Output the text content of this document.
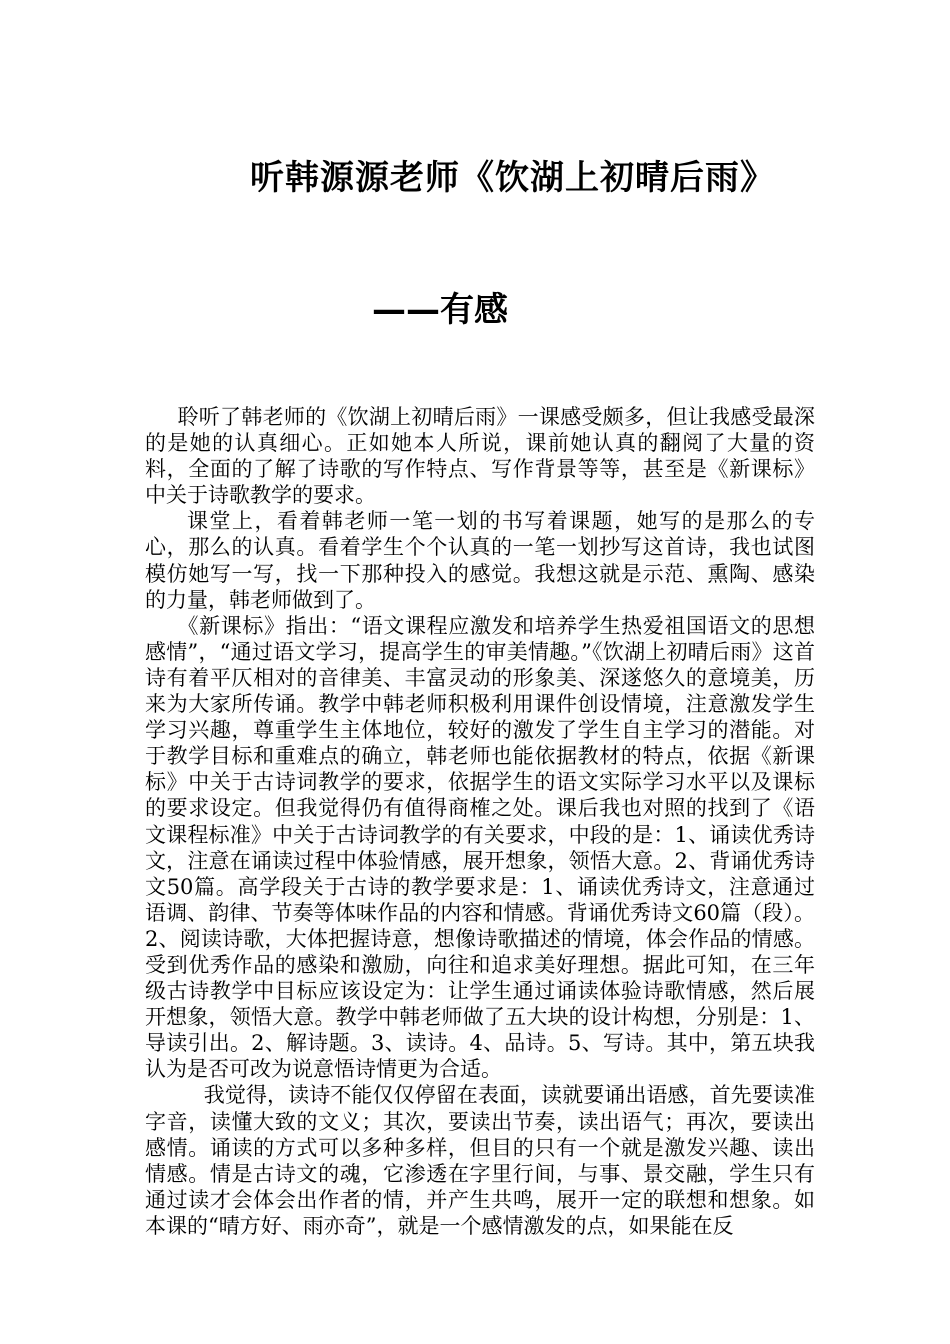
听韩源源老师《饮湖上初晴后雨》
——有感

聆听了韩老师的《饮湖上初晴后雨》一课感受颇多，但让我感受最深的是她的认真细心。正如她本人所说，课前她认真的翻阅了大量的资料，全面的了解了诗歌的写作特点、写作背景等等，甚至是《新课标》中关于诗歌教学的要求。

课堂上，看着韩老师一笔一划的书写着课题，她写的是那么的专心，那么的认真。看着学生个个认真的一笔一划抄写这首诗，我也试图模仿她写一写，找一下那种投入的感觉。我想这就是示范、熏陶、感染的力量，韩老师做到了。

《新课标》指出：“语文课程应激发和培养学生热爱祖国语文的思想感情”，“通过语文学习，提高学生的审美情趣。”《饮湖上初晴后雨》这首诗有着平仄相对的音律美、丰富灵动的形象美、深遂悠久的意境美，历来为大家所传诵。教学中韩老师积极利用课件创设情境，注意激发学生学习兴趣，尊重学生主体地位，较好的激发了学生自主学习的潜能。对于教学目标和重难点的确立，韩老师也能依据教材的特点，依据《新课标》中关于古诗词教学的要求，依据学生的语文实际学习水平以及课标的要求设定。但我觉得仍有值得商榷之处。课后我也对照的找到了《语文课程标准》中关于古诗词教学的有关要求，中段的是：1、诵读优秀诗文，注意在诵读过程中体验情感，展开想象，领悟大意。2、背诵优秀诗文50篇。高学段关于古诗的教学要求是：1、诵读优秀诗文，注意通过语调、韵律、节奏等体味作品的内容和情感。背诵优秀诗文60篇（段）。2、阅读诗歌，大体把握诗意，想像诗歌描述的情境，体会作品的情感。受到优秀作品的感染和激励，向往和追求美好理想。据此可知，在三年级古诗教学中目标应该设定为：让学生通过诵读体验诗歌情感，然后展开想象，领悟大意。教学中韩老师做了五大块的设计构想，分别是：1、导读引出。2、解诗题。3、读诗。4、品诗。5、写诗。其中，第五块我认为是否可改为说意悟诗情更为合适。

我觉得，读诗不能仅仅停留在表面，读就要诵出语感，首先要读准字音，读懂大致的文义；其次，要读出节奏，读出语气；再次，要读出感情。诵读的方式可以多种多样，但目的只有一个就是激发兴趣、读出情感。情是古诗文的魂，它渗透在字里行间，与事、景交融，学生只有通过读才会体会出作者的情，并产生共鸣，展开一定的联想和想象。如本课的“晴方好、雨亦奇”，就是一个感情激发的点，如果能在反
